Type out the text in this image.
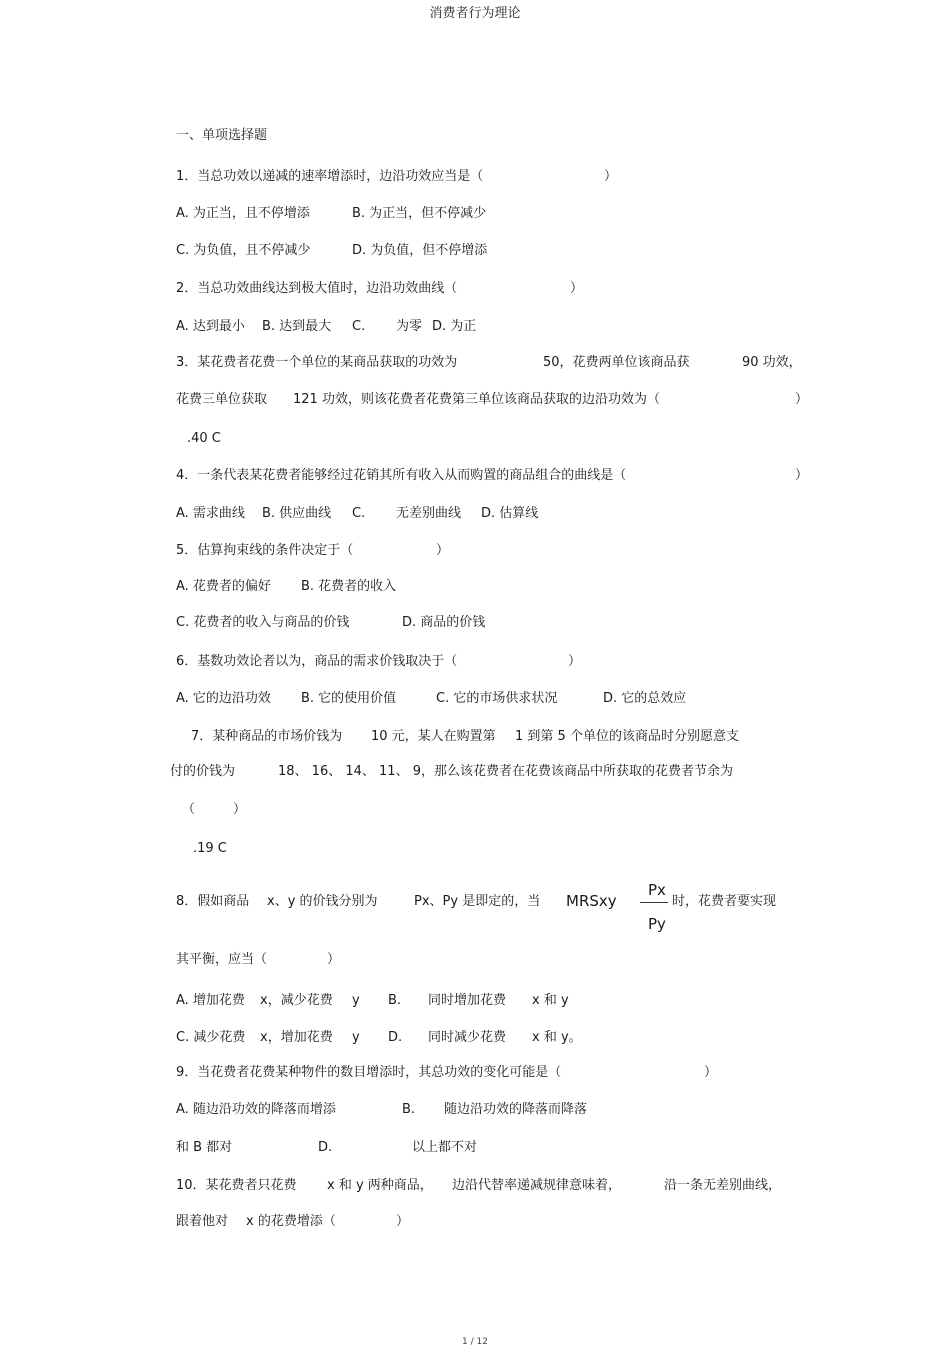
消费者行为理论
一、单项选择题
1．当总功效以递减的速率增添时，边沿功效应当是（	）
A. 为正当，且不停增添	B. 为正当，但不停减少
C. 为负值，且不停减少	D. 为负值，但不停增添
2．当总功效曲线达到极大值时，边沿功效曲线（	）
A. 达到最小 B. 达到最大 C. 为零 D. 为正
3．某花费者花费一个单位的某商品获取的功效为	50，花费两单位该商品获	90 功效，
花费三单位获取 121 功效，则该花费者花费第三单位该商品获取的边沿功效为（	）
.40 C
4．一条代表某花费者能够经过花销其所有收入从而购置的商品组合的曲线是（	）
A. 需求曲线 B. 供应曲线 C. 无差别曲线 D. 估算线
5．估算拘束线的条件决定于（	）
A. 花费者的偏好 B. 花费者的收入
C. 花费者的收入与商品的价钱	D. 商品的价钱
6．基数功效论者以为，商品的需求价钱取决于（	）
A. 它的边沿功效 B. 它的使用价值	C. 它的市场供求状况	D. 它的总效应
7．某种商品的市场价钱为 10 元，某人在购置第 1 到第 5 个单位的该商品时分别愿意支
付的价钱为	18、 16、 14、 11、 9，那么该花费者在花费该商品中所获取的花费者节余为
（	）
.19 C
8．假如商品 x、y 的价钱分别为	Px、Py 是即定的，当 MRSxy
Px
Py
时，花费者要实现
其平衡，应当（	）
A. 增加花费 x，减少花费 y B. 同时增加花费 x 和 y
C. 减少花费 x，增加花费 y D. 同时减少花费 x 和 y。
9．当花费者花费某种物件的数目增添时，其总功效的变化可能是（	）
A. 随边沿功效的降落而增添	B. 随边沿功效的降落而降落
和 B 都对	D.	以上都不对
10．某花费者只花费 x 和 y 两种商品， 边沿代替率递减规律意味着，	沿一条无差别曲线，
跟着他对 x 的花费增添（	）
1 / 12
